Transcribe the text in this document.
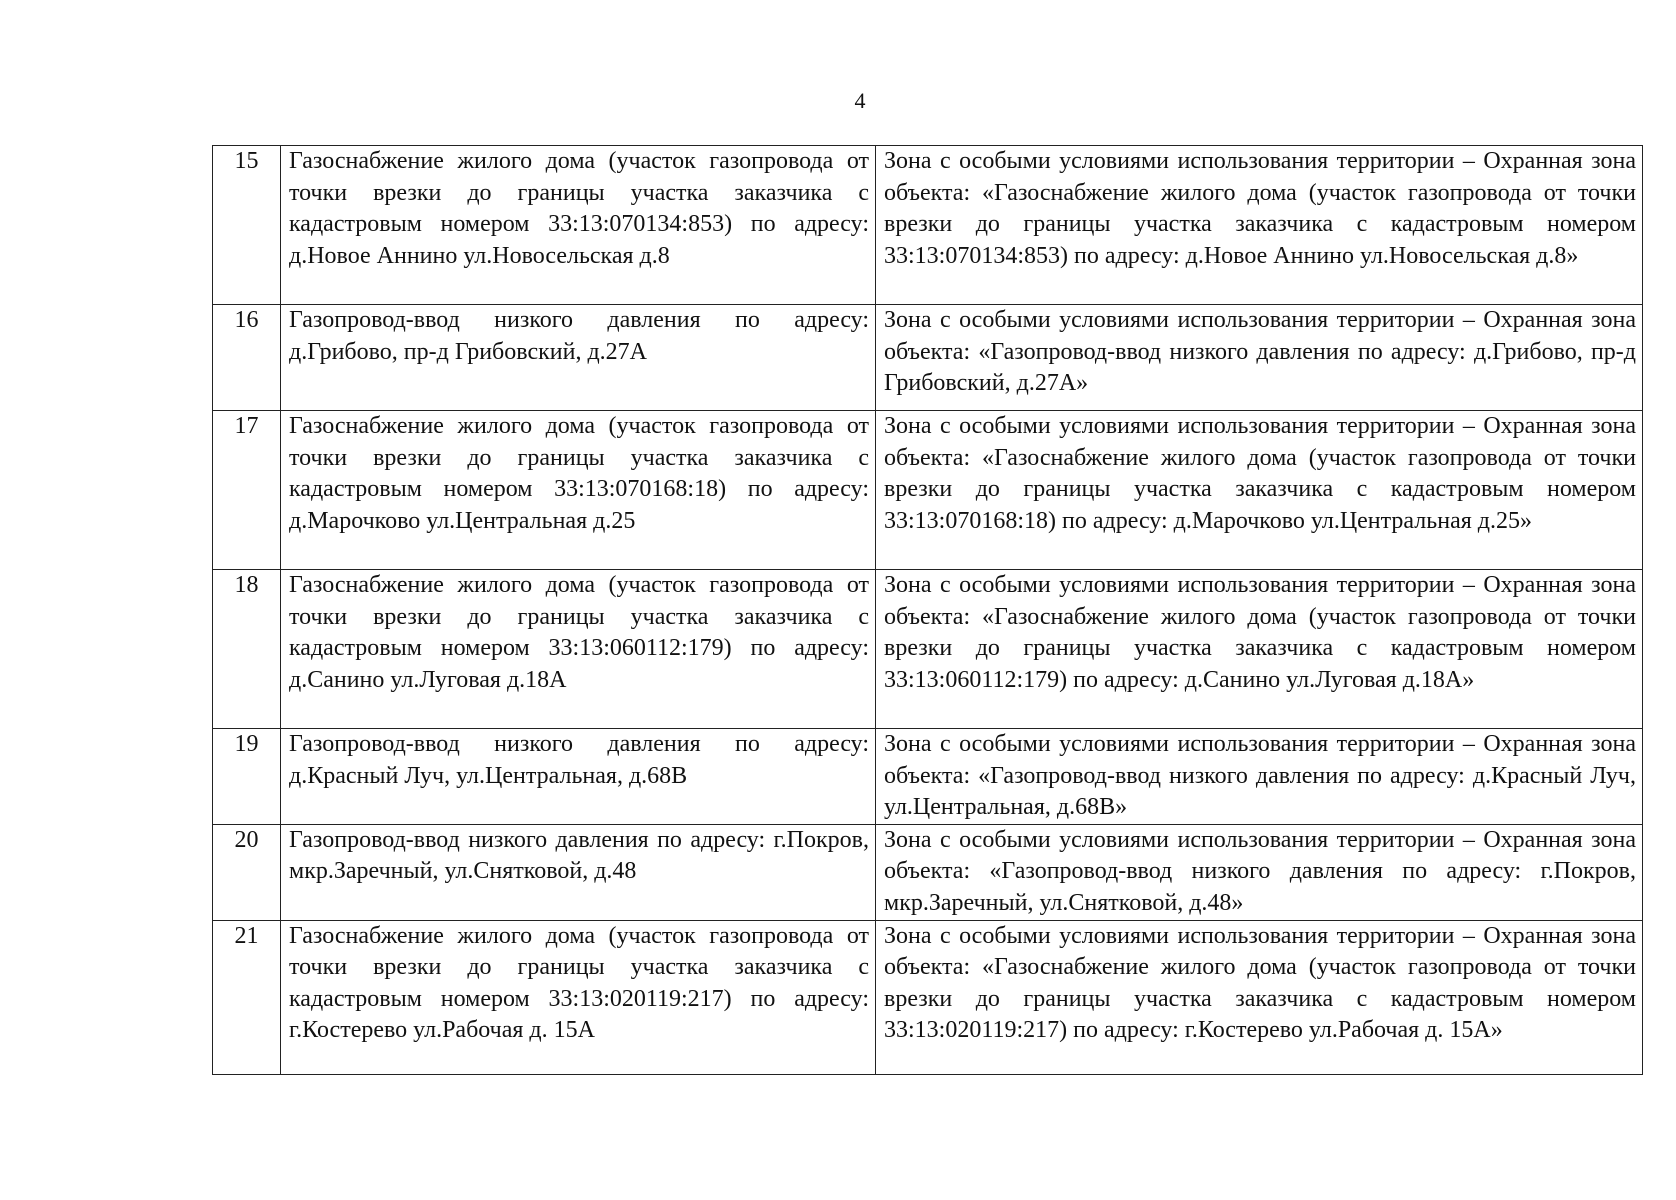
4
15	Газоснабжение жилого дома (участок газопровода от точки врезки до границы участка заказчика с кадастровым номером 33:13:070134:853) по адресу: д.Новое Аннино ул.Новосельская д.8	Зона с особыми условиями использования территории – Охранная зона объекта: «Газоснабжение жилого дома (участок газопровода от точки врезки до границы участка заказчика с кадастровым номером 33:13:070134:853) по адресу: д.Новое Аннино ул.Новосельская д.8»
16	Газопровод-ввод низкого давления по адресу: д.Грибово, пр-д Грибовский, д.27А	Зона с особыми условиями использования территории – Охранная зона объекта: «Газопровод-ввод низкого давления по адресу: д.Грибово, пр-д Грибовский, д.27А»
17	Газоснабжение жилого дома (участок газопровода от точки врезки до границы участка заказчика с кадастровым номером 33:13:070168:18) по адресу: д.Марочково ул.Центральная д.25	Зона с особыми условиями использования территории – Охранная зона объекта: «Газоснабжение жилого дома (участок газопровода от точки врезки до границы участка заказчика с кадастровым номером 33:13:070168:18) по адресу: д.Марочково ул.Центральная д.25»
18	Газоснабжение жилого дома (участок газопровода от точки врезки до границы участка заказчика с кадастровым номером 33:13:060112:179) по адресу: д.Санино ул.Луговая д.18А	Зона с особыми условиями использования территории – Охранная зона объекта: «Газоснабжение жилого дома (участок газопровода от точки врезки до границы участка заказчика с кадастровым номером 33:13:060112:179) по адресу: д.Санино ул.Луговая д.18А»
19	Газопровод-ввод низкого давления по адресу: д.Красный Луч, ул.Центральная, д.68В	Зона с особыми условиями использования территории – Охранная зона объекта: «Газопровод-ввод низкого давления по адресу: д.Красный Луч, ул.Центральная, д.68В»
20	Газопровод-ввод низкого давления по адресу: г.Покров, мкр.Заречный, ул.Снятковой, д.48	Зона с особыми условиями использования территории – Охранная зона объекта: «Газопровод-ввод низкого давления по адресу: г.Покров, мкр.Заречный, ул.Снятковой, д.48»
21	Газоснабжение жилого дома (участок газопровода от точки врезки до границы участка заказчика с кадастровым номером 33:13:020119:217) по адресу: г.Костерево ул.Рабочая д. 15А	Зона с особыми условиями использования территории – Охранная зона объекта: «Газоснабжение жилого дома (участок газопровода от точки врезки до границы участка заказчика с кадастровым номером 33:13:020119:217) по адресу: г.Костерево ул.Рабочая д. 15А»
